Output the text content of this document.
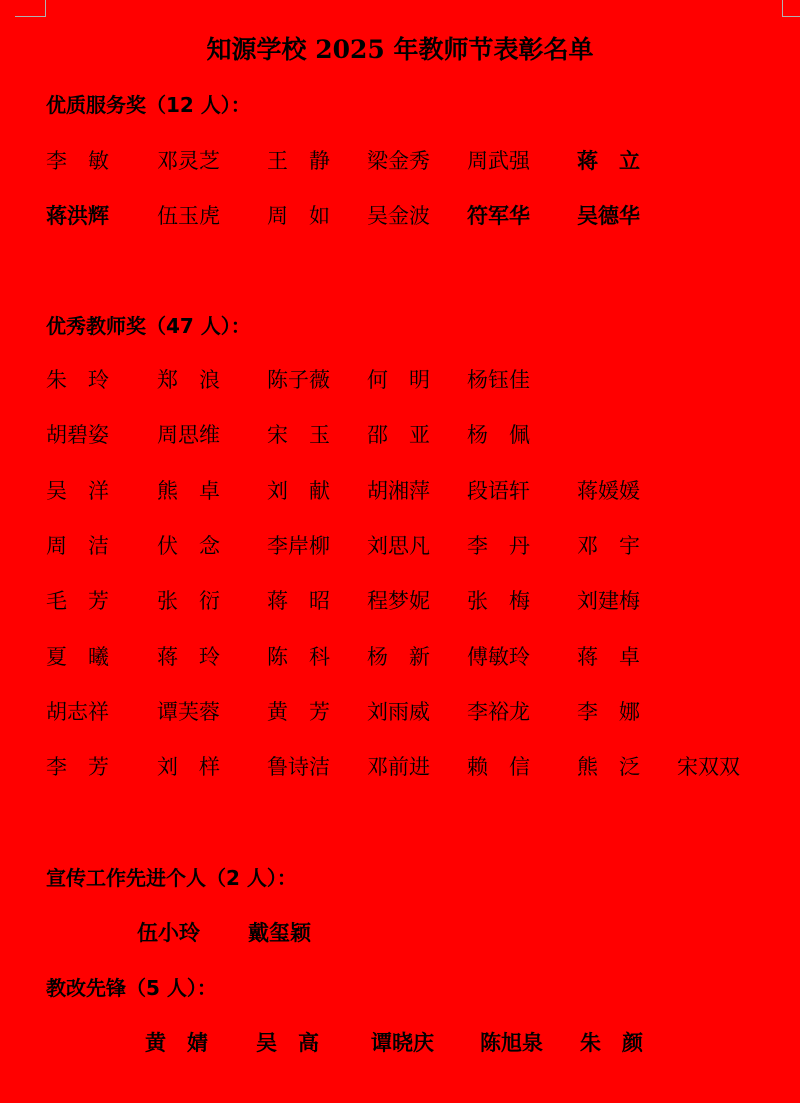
知源学校 2025 年教师节表彰名单
优质服务奖（12 人）：
李　敏 邓灵芝 王　静 梁金秀 周武强 蒋　立
蒋洪辉 伍玉虎 周　如 吴金波 符军华 吴德华
优秀教师奖（47 人）：
朱　玲 郑　浪 陈子薇 何　明 杨钰佳
胡碧姿 周思维 宋　玉 邵　亚 杨　佩
吴　洋 熊　卓 刘　献 胡湘萍 段语轩 蒋媛媛
周　洁 伏　念 李岸柳 刘思凡 李　丹 邓　宇
毛　芳 张　衍 蒋　昭 程梦妮 张　梅 刘建梅
夏　曦 蒋　玲 陈　科 杨　新 傅敏玲 蒋　卓
胡志祥 谭芙蓉 黄　芳 刘雨威 李裕龙 李　娜
李　芳 刘　样 鲁诗洁 邓前进 赖　信 熊　泛 宋双双
宣传工作先进个人（2 人）：
伍小玲 戴玺颖
教改先锋（5 人）：
黄　婧 吴　高 谭晓庆 陈旭泉 朱　颜
